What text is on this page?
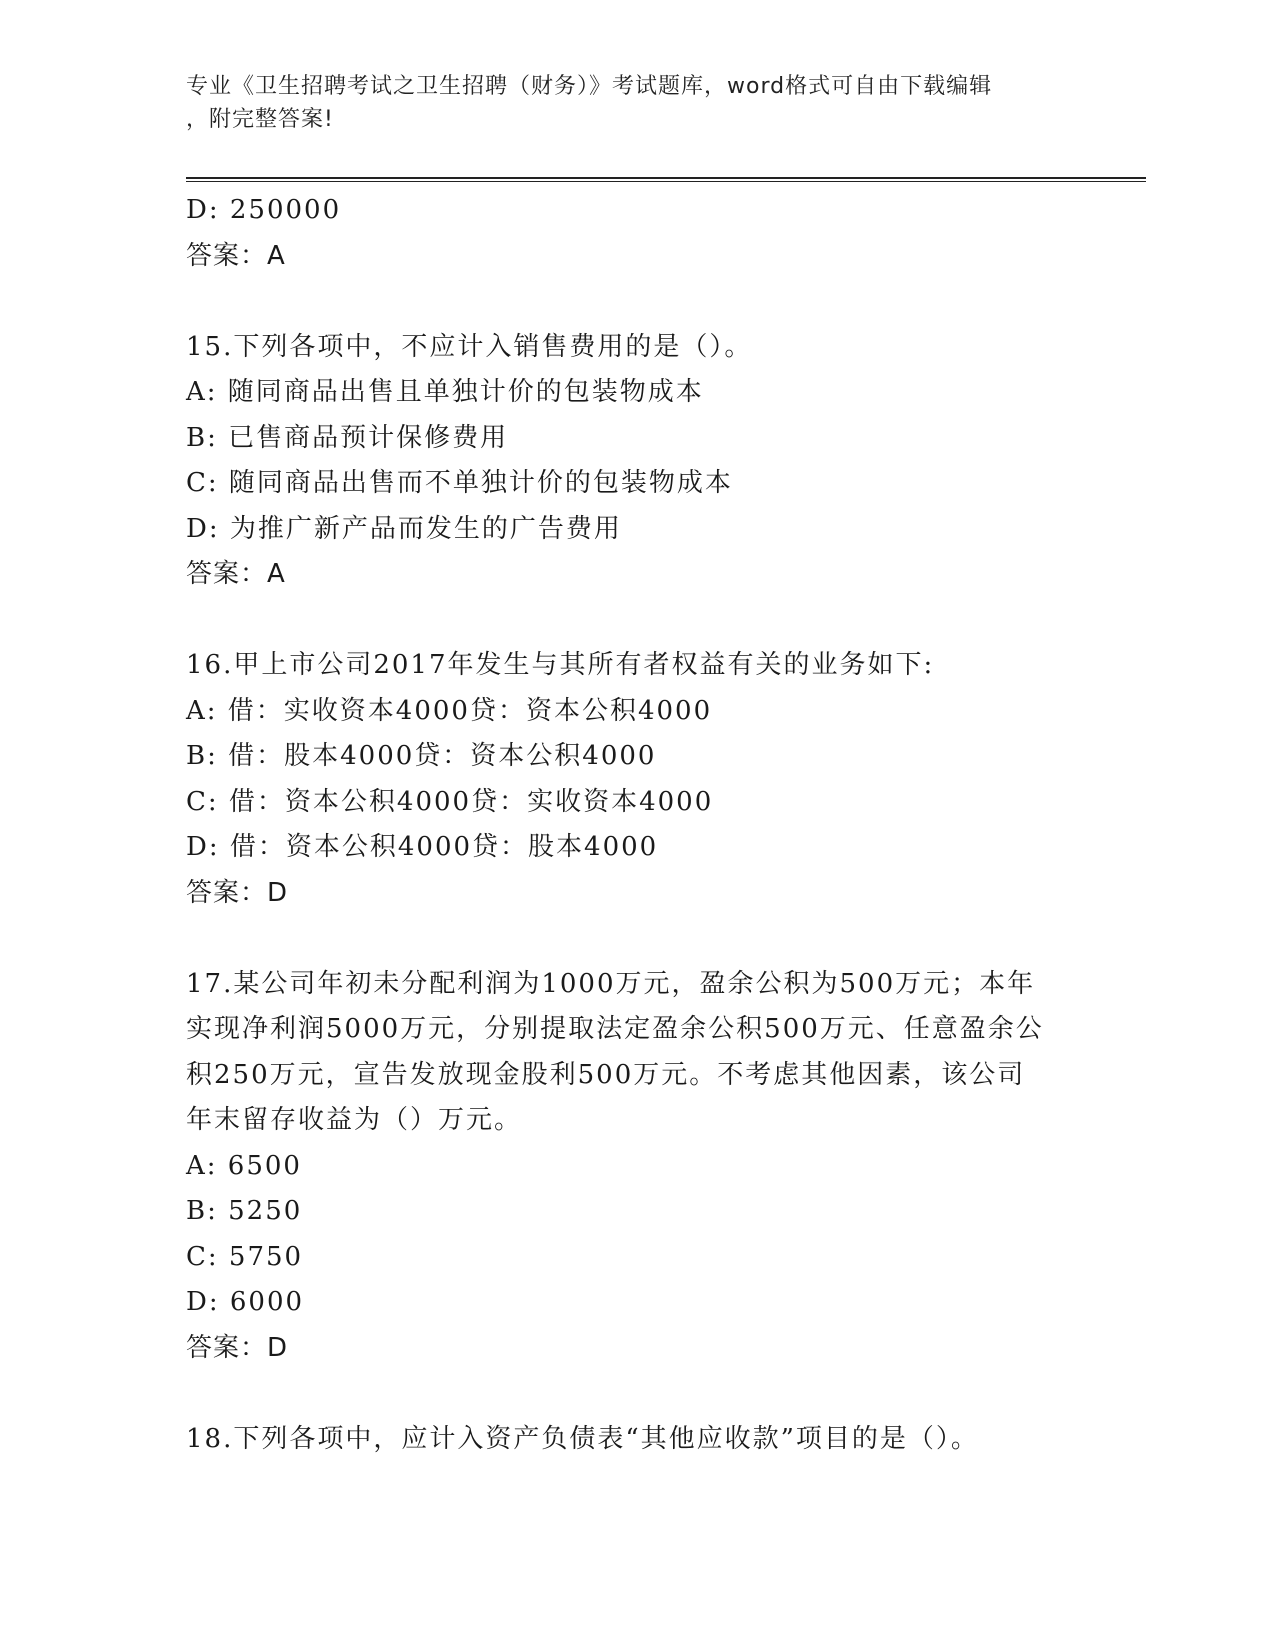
专业《卫生招聘考试之卫生招聘（财务）》考试题库，word格式可自由下载编辑
，附完整答案!
D: 250000
答案：A
15.下列各项中，不应计入销售费用的是（）。
A: 随同商品出售且单独计价的包装物成本
B: 已售商品预计保修费用
C: 随同商品出售而不单独计价的包装物成本
D: 为推广新产品而发生的广告费用
答案：A
16.甲上市公司2017年发生与其所有者权益有关的业务如下:
A: 借：实收资本4000贷：资本公积4000
B: 借：股本4000贷：资本公积4000
C: 借：资本公积4000贷：实收资本4000
D: 借：资本公积4000贷：股本4000
答案：D
17.某公司年初未分配利润为1000万元，盈余公积为500万元；本年
实现净利润5000万元，分别提取法定盈余公积500万元、任意盈余公
积250万元，宣告发放现金股利500万元。不考虑其他因素，该公司
年末留存收益为（）万元。
A: 6500
B: 5250
C: 5750
D: 6000
答案：D
18.下列各项中，应计入资产负债表“其他应收款”项目的是（）。
